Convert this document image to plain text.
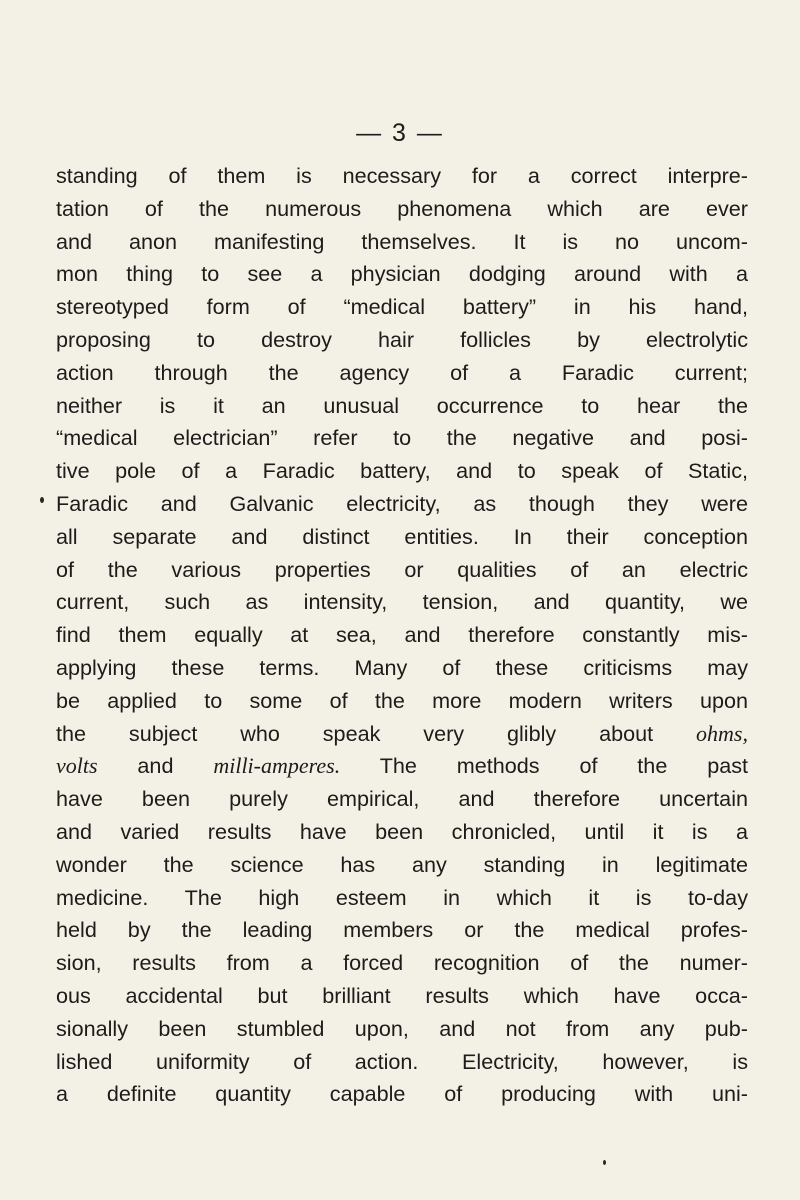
— 3 —
standing of them is necessary for a correct interpre-
tation of the numerous phenomena which are ever
and anon manifesting themselves. It is no uncom-
mon thing to see a physician dodging around with a
stereotyped form of “medical battery” in his hand,
proposing to destroy hair follicles by electrolytic
action through the agency of a Faradic current;
neither is it an unusual occurrence to hear the
“medical electrician” refer to the negative and posi-
tive pole of a Faradic battery, and to speak of Static,
Faradic and Galvanic electricity, as though they were
all separate and distinct entities. In their conception
of the various properties or qualities of an electric
current, such as intensity, tension, and quantity, we
find them equally at sea, and therefore constantly mis-
applying these terms. Many of these criticisms may
be applied to some of the more modern writers upon
the subject who speak very glibly about ohms,
volts and milli-amperes. The methods of the past
have been purely empirical, and therefore uncertain
and varied results have been chronicled, until it is a
wonder the science has any standing in legitimate
medicine. The high esteem in which it is to-day
held by the leading members or the medical profes-
sion, results from a forced recognition of the numer-
ous accidental but brilliant results which have occa-
sionally been stumbled upon, and not from any pub-
lished uniformity of action. Electricity, however, is
a definite quantity capable of producing with uni-
